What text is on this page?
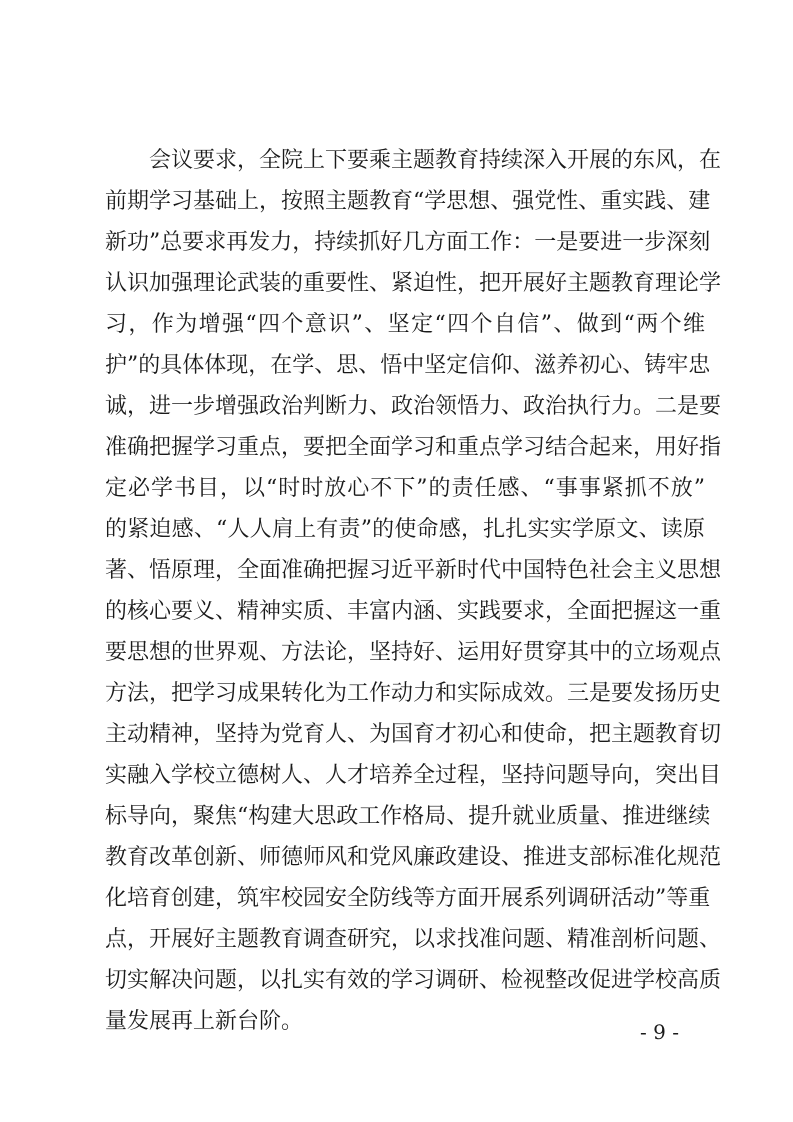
会议要求，全院上下要乘主题教育持续深入开展的东风，在
前期学习基础上，按照主题教育“学思想、强党性、重实践、建
新功”总要求再发力，持续抓好几方面工作：一是要进一步深刻
认识加强理论武装的重要性、紧迫性，把开展好主题教育理论学
习，作为增强“四个意识”、坚定“四个自信”、做到“两个维
护”的具体体现，在学、思、悟中坚定信仰、滋养初心、铸牢忠
诚，进一步增强政治判断力、政治领悟力、政治执行力。二是要
准确把握学习重点，要把全面学习和重点学习结合起来，用好指
定必学书目，以“时时放心不下”的责任感、“事事紧抓不放”
的紧迫感、“人人肩上有责”的使命感，扎扎实实学原文、读原
著、悟原理，全面准确把握习近平新时代中国特色社会主义思想
的核心要义、精神实质、丰富内涵、实践要求，全面把握这一重
要思想的世界观、方法论，坚持好、运用好贯穿其中的立场观点
方法，把学习成果转化为工作动力和实际成效。三是要发扬历史
主动精神，坚持为党育人、为国育才初心和使命，把主题教育切
实融入学校立德树人、人才培养全过程，坚持问题导向，突出目
标导向，聚焦“构建大思政工作格局、提升就业质量、推进继续
教育改革创新、师德师风和党风廉政建设、推进支部标准化规范
化培育创建，筑牢校园安全防线等方面开展系列调研活动”等重
点，开展好主题教育调查研究，以求找准问题、精准剖析问题、
切实解决问题，以扎实有效的学习调研、检视整改促进学校高质
量发展再上新台阶。	- 9 -
